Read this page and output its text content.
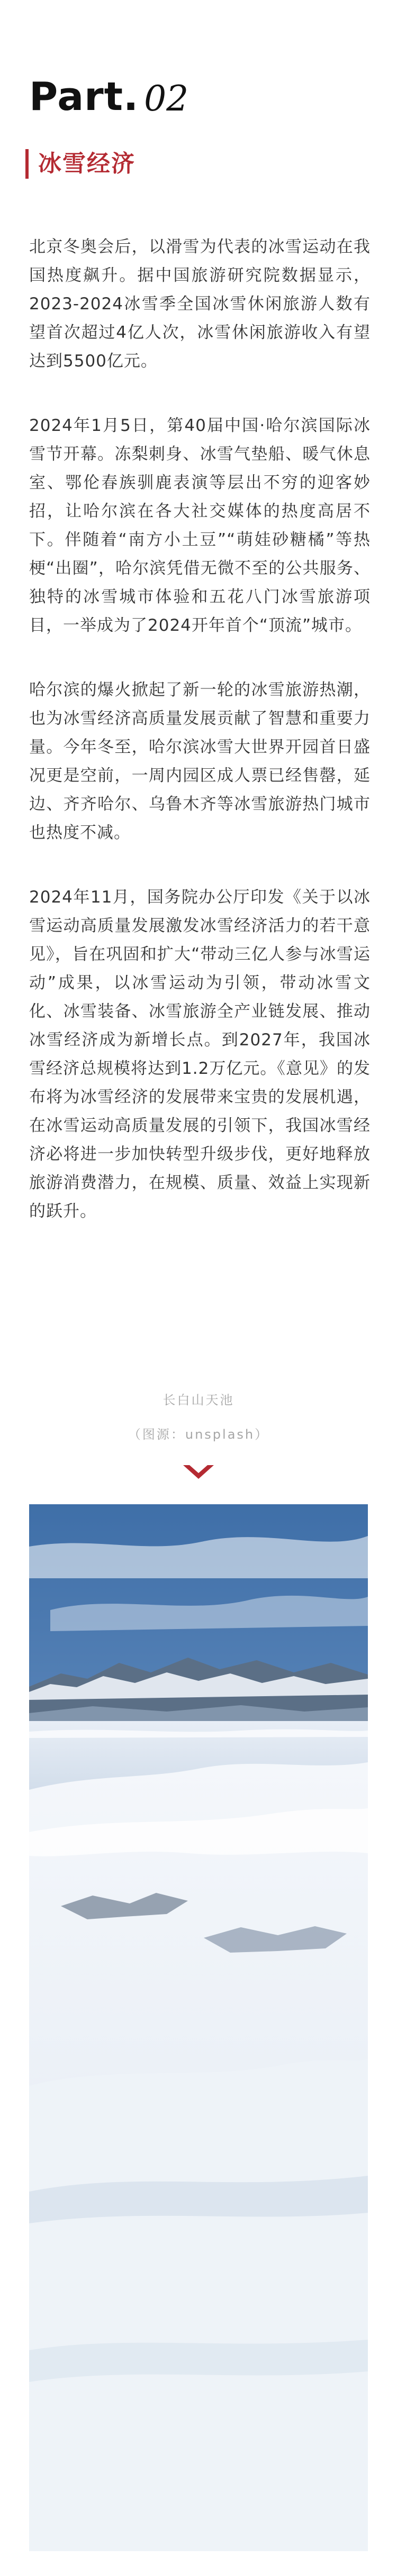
Part. 02
冰雪经济

北京冬奥会后，以滑雪为代表的冰雪运动在我国热度飙升。据中国旅游研究院数据显示，2023-2024冰雪季全国冰雪休闲旅游人数有望首次超过4亿人次，冰雪休闲旅游收入有望达到5500亿元。

2024年1月5日，第40届中国·哈尔滨国际冰雪节开幕。冻梨刺身、冰雪气垫船、暖气休息室、鄂伦春族驯鹿表演等层出不穷的迎客妙招，让哈尔滨在各大社交媒体的热度高居不下。伴随着“南方小土豆”“萌娃砂糖橘”等热梗“出圈”，哈尔滨凭借无微不至的公共服务、独特的冰雪城市体验和五花八门冰雪旅游项目，一举成为了2024开年首个“顶流”城市。

哈尔滨的爆火掀起了新一轮的冰雪旅游热潮，也为冰雪经济高质量发展贡献了智慧和重要力量。今年冬至，哈尔滨冰雪大世界开园首日盛况更是空前，一周内园区成人票已经售罄，延边、齐齐哈尔、乌鲁木齐等冰雪旅游热门城市也热度不减。

2024年11月，国务院办公厅印发《关于以冰雪运动高质量发展激发冰雪经济活力的若干意见》，旨在巩固和扩大“带动三亿人参与冰雪运动”成果，以冰雪运动为引领，带动冰雪文化、冰雪装备、冰雪旅游全产业链发展、推动冰雪经济成为新增长点。到2027年，我国冰雪经济总规模将达到1.2万亿元。《意见》的发布将为冰雪经济的发展带来宝贵的发展机遇，在冰雪运动高质量发展的引领下，我国冰雪经济必将进一步加快转型升级步伐，更好地释放旅游消费潜力，在规模、质量、效益上实现新的跃升。

长白山天池
（图源：unsplash）
